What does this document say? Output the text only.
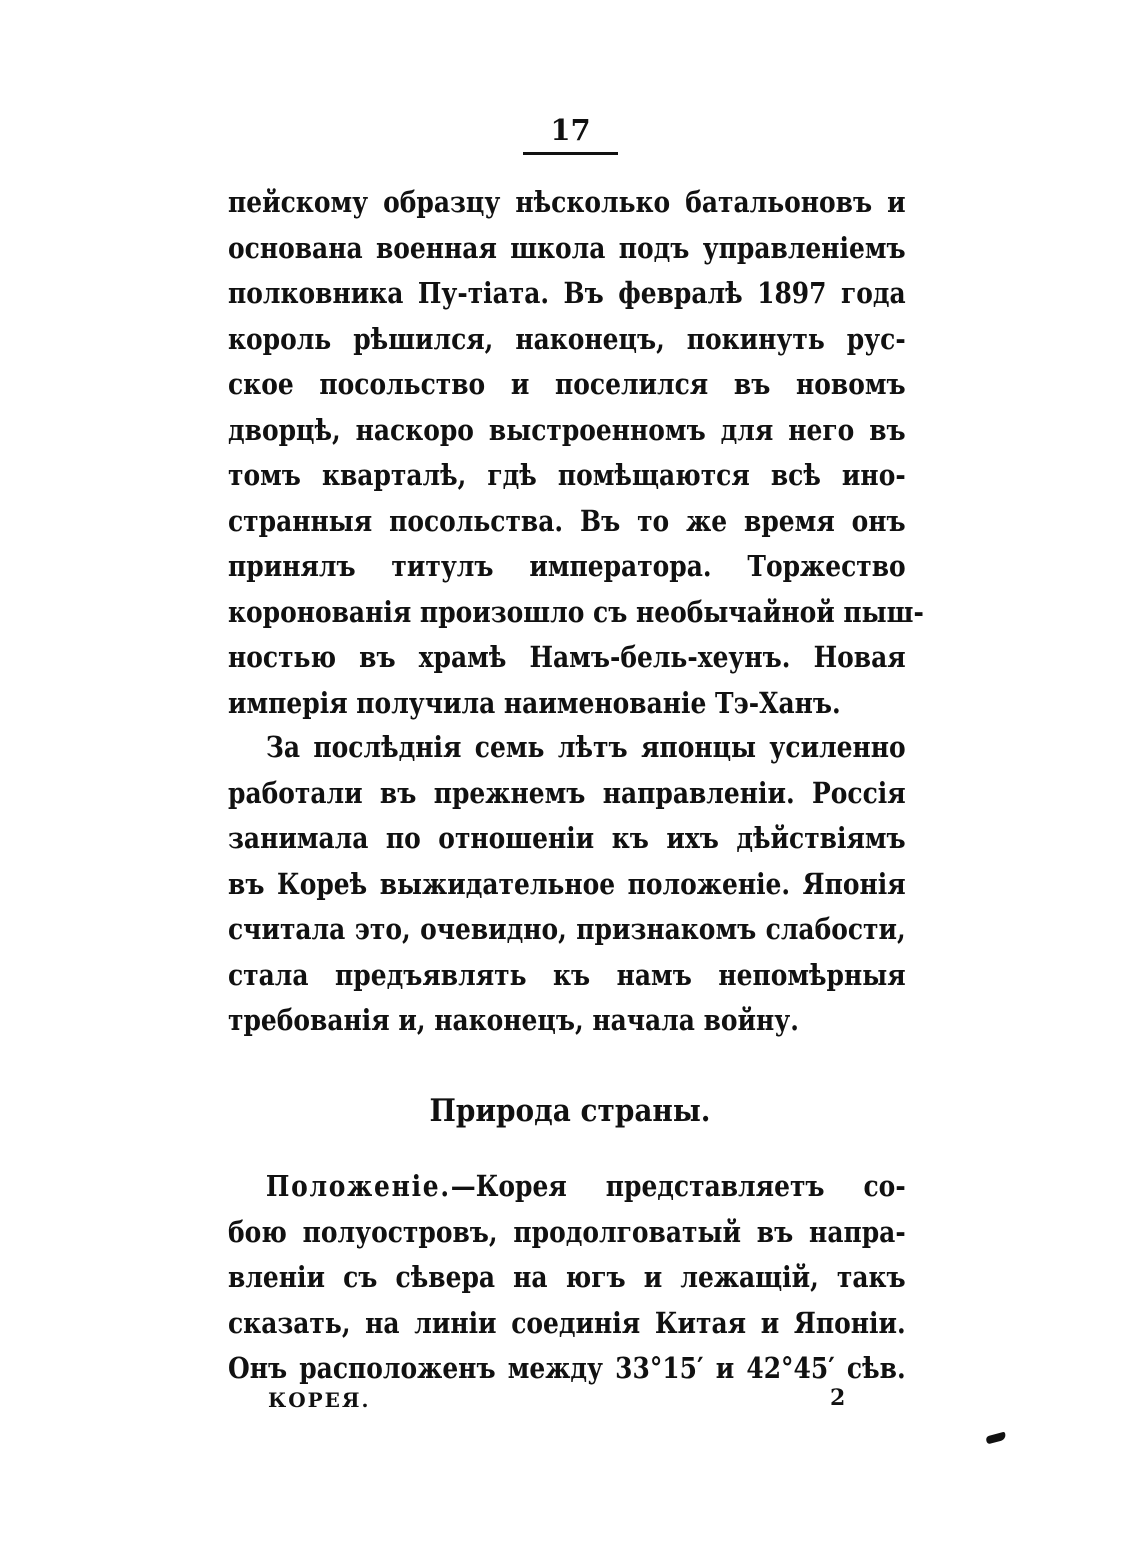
17
пейскому образцу нѣсколько батальоновъ и
основана военная школа подъ управленіемъ
полковника Пу-тіата. Въ февралѣ 1897 года
король рѣшился, наконецъ, покинуть рус-
ское посольство и поселился въ новомъ
дворцѣ, наскоро выстроенномъ для него въ
томъ кварталѣ, гдѣ помѣщаются всѣ ино-
странныя посольства. Въ то же время онъ
принялъ титулъ императора. Торжество
коронованія произошло съ необычайной пыш-
ностью въ храмѣ Намъ-бель-хеунъ. Новая
имперія получила наименованіе Тэ-Ханъ.
За послѣднія семь лѣтъ японцы усиленно
работали въ прежнемъ направленіи. Россія
занимала по отношеніи къ ихъ дѣйствіямъ
въ Кореѣ выжидательное положеніе. Японія
считала это, очевидно, признакомъ слабости,
стала предъявлять къ намъ непомѣрныя
требованія и, наконецъ, начала войну.
Природа страны.
Положеніе.—Корея представляетъ со-
бою полуостровъ, продолговатый въ напра-
вленіи съ сѣвера на югъ и лежащій, такъ
сказать, на линіи соединія Китая и Японіи.
Онъ расположенъ между 33°15′ и 42°45′ сѣв.
КОРЕЯ.	2
